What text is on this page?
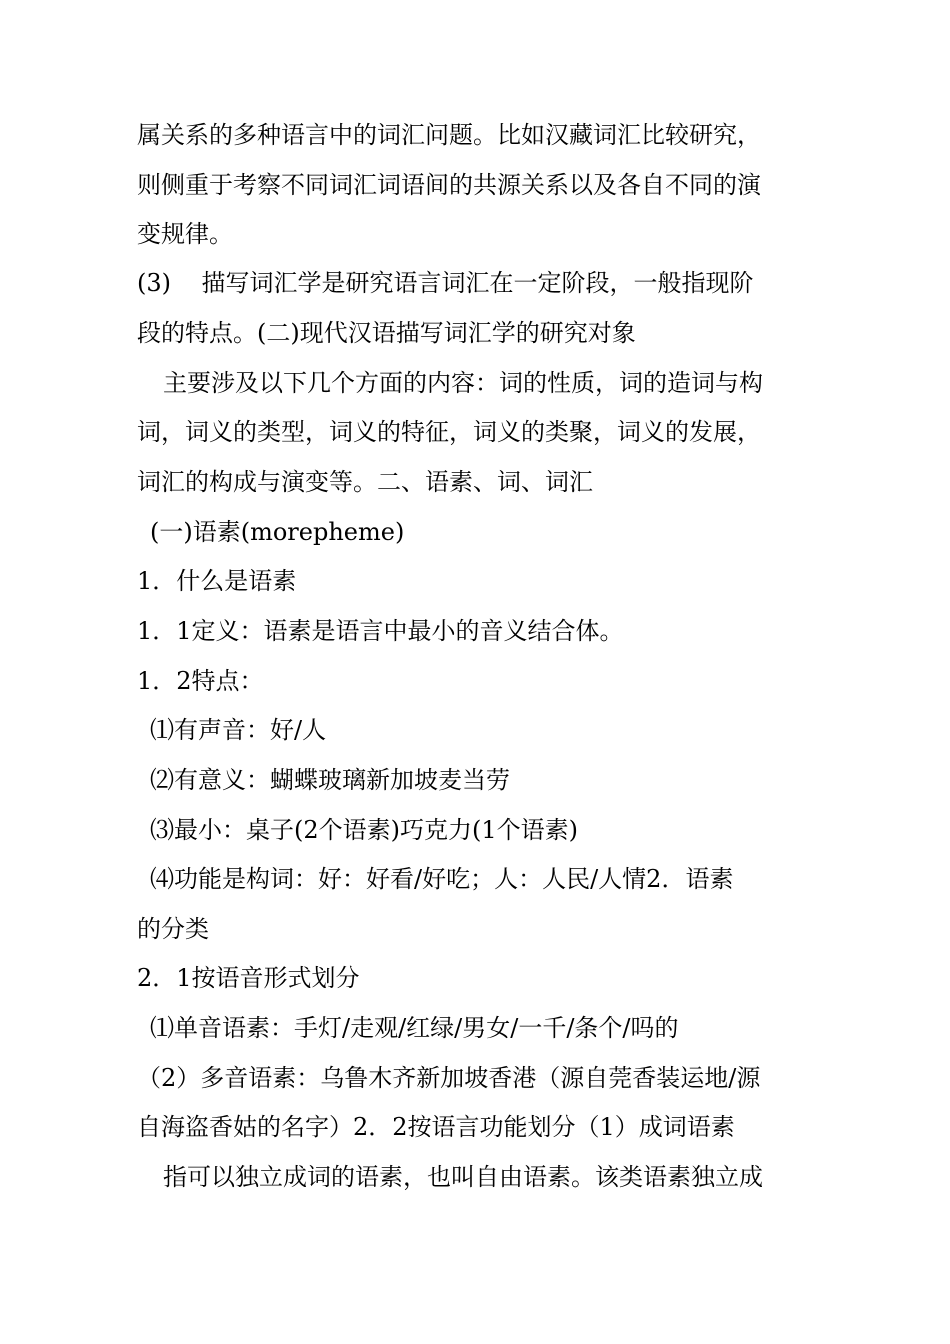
属关系的多种语言中的词汇问题。比如汉藏词汇比较研究，
则侧重于考察不同词汇词语间的共源关系以及各自不同的演
变规律。
(3)    描写词汇学是研究语言词汇在一定阶段，一般指现阶
段的特点。(二)现代汉语描写词汇学的研究对象
主要涉及以下几个方面的内容：词的性质，词的造词与构
词，词义的类型，词义的特征，词义的类聚，词义的发展，
词汇的构成与演变等。二、语素、词、词汇
(一)语素(morepheme)
1．什么是语素
1．1定义：语素是语言中最小的音义结合体。
1．2特点：
⑴有声音：好/人
⑵有意义：蝴蝶玻璃新加坡麦当劳
⑶最小：桌子(2个语素)巧克力(1个语素)
⑷功能是构词：好：好看/好吃；人：人民/人情2．语素
的分类
2．1按语音形式划分
⑴单音语素：手灯/走观/红绿/男女/一千/条个/吗的
（2）多音语素：乌鲁木齐新加坡香港（源自莞香装运地/源
自海盗香姑的名字）2．2按语言功能划分（1）成词语素
指可以独立成词的语素，也叫自由语素。该类语素独立成
